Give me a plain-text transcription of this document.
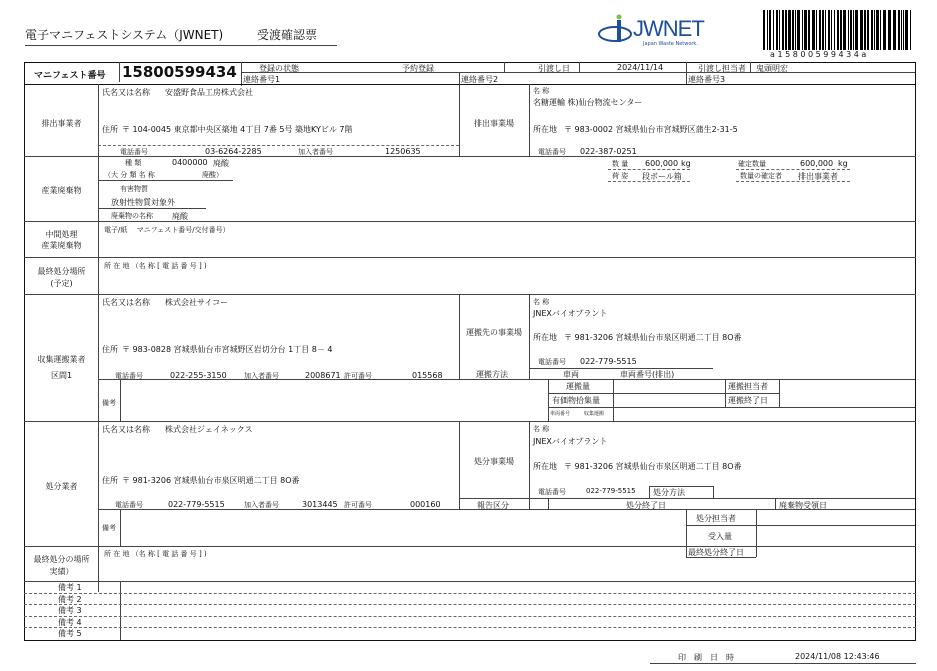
電子マニフェストシステム（JWNET)	受渡確認票	JWNET
Japan Waste Network.
a 1 5 8 0 0 5 9 9 4 3 4 a
マニフェスト番号 15800599434	登録の状態	予約登録	引渡し日	2024/11/14	引渡し担当者 鬼頭明宏
連絡番号1	連絡番号2	連絡番号3
排出事業者
氏名又は名称 安盛野食品工房株式会社
住所 〒 104-0045 東京都中央区築地 4丁目 7番 5号 築地KYビル 7階
電話番号	03-6264-2285	加入者番号	1250635
排出事業場
名 称
名糖運輸 株)仙台物流センター
所在地 〒 983-0002 宮城県仙台市宮城野区蒲生2-31-5
電話番号 022-387-0251
産業廃棄物
種 類	0400000 廃酸
（大 分 類 名 称	廃酸）
数 量 600,000 kg	確定数量	600,000 kg
荷 姿 段ボール箱	数量の確定者 排出事業者
有害物質
放射性物質対象外
廃棄物の名称 廃酸
中間処理
産業廃棄物
電子/紙　 マニフェスト番号/交付番号）
最終処分場所
(予定)
所 在 地 （名 称 [ 電 話 番 号 ] )
収集運搬業者
区間1
氏名又は名称 株式会社サイコー
住所 〒 983-0828 宮城県仙台市宮城野区岩切分台 1丁目 8－ 4
電話番号	022-255-3150 加入者番号	2008671 許可番号	015568
運搬先の事業場
名 称
JNEXバイオプラント
所在地 〒 981-3206 宮城県仙台市泉区明通二丁目 8O番
電話番号 022-779-5515
運搬方法	車両	車両番号(排出)
運搬量	運搬担当者
有価物拾集量	運搬終了日
車両番号	収集運搬
備考
処分業者
氏名又は名称 株式会社ジェイネックス
住所 〒 981-3206 宮城県仙台市泉区明通二丁目 8O番
電話番号	022-779-5515	加入者番号	3013445 許可番号	000160
処分事業場
名 称
JNEXバイオプラント
所在地 〒 981-3206 宮城県仙台市泉区明通二丁目 8O番
電話番号	022-779-5515 処分方法
報告区分	処分終了日	廃棄物受領日
備考
処分担当者
受入量
最終処分終了日
最終処分の場所
実績）
所 在 地 （名 称 [ 電 話 番 号 ] )
備考 1
備考 2
備考 3
備考 4
備考 5
印　刷　日　時	2024/11/08 12:43:46
